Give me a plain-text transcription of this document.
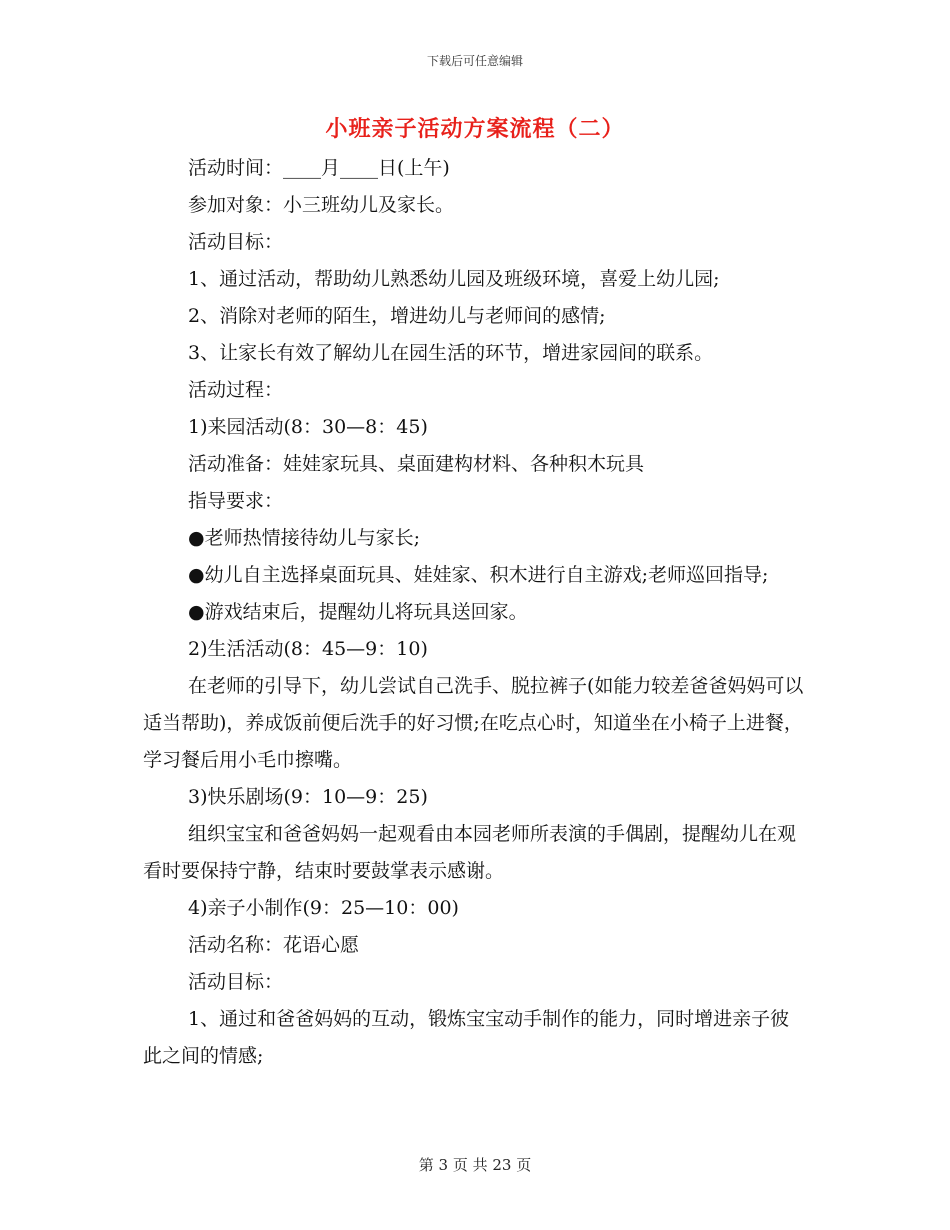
下载后可任意编辑
小班亲子活动方案流程（二）

活动时间：____月____日(上午)

参加对象：小三班幼儿及家长。

活动目标：

1、通过活动，帮助幼儿熟悉幼儿园及班级环境，喜爱上幼儿园;

2、消除对老师的陌生，增进幼儿与老师间的感情;

3、让家长有效了解幼儿在园生活的环节，增进家园间的联系。

活动过程：

1)来园活动(8：30—8：45)

活动准备：娃娃家玩具、桌面建构材料、各种积木玩具

指导要求：

●老师热情接待幼儿与家长;

●幼儿自主选择桌面玩具、娃娃家、积木进行自主游戏;老师巡回指导;

●游戏结束后，提醒幼儿将玩具送回家。

2)生活活动(8：45—9：10)

在老师的引导下，幼儿尝试自己洗手、脱拉裤子(如能力较差爸爸妈妈可以适当帮助)，养成饭前便后洗手的好习惯;在吃点心时，知道坐在小椅子上进餐，学习餐后用小毛巾擦嘴。

3)快乐剧场(9：10—9：25)

组织宝宝和爸爸妈妈一起观看由本园老师所表演的手偶剧，提醒幼儿在观看时要保持宁静，结束时要鼓掌表示感谢。

4)亲子小制作(9：25—10：00)

活动名称：花语心愿

活动目标：

1、通过和爸爸妈妈的互动，锻炼宝宝动手制作的能力，同时增进亲子彼此之间的情感;

第 3 页 共 23 页
